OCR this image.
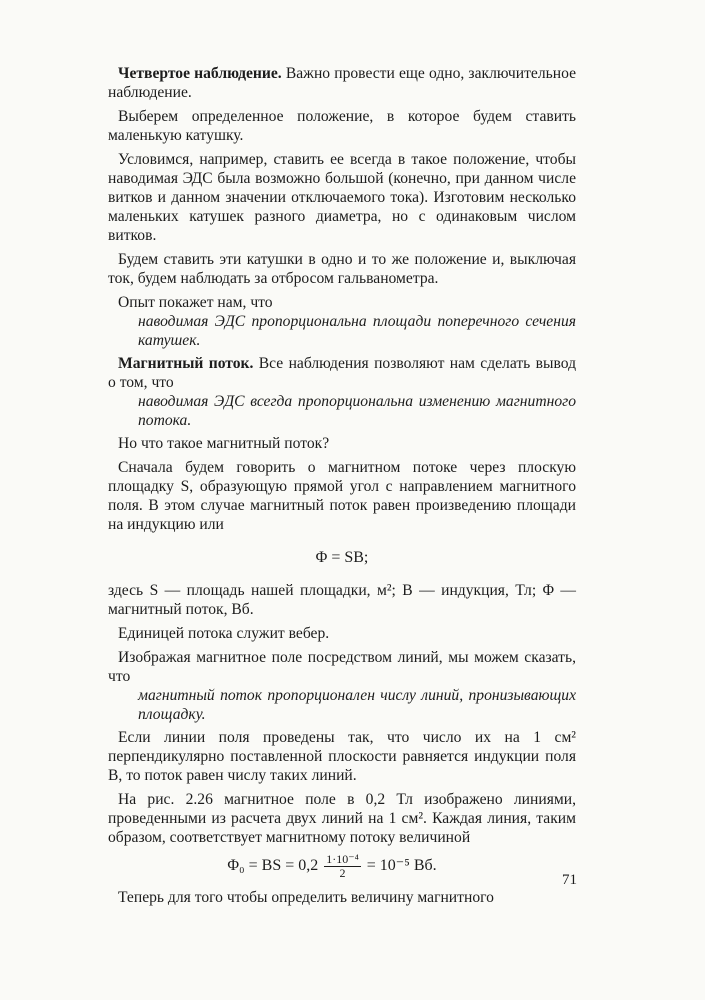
Четвертое наблюдение. Важно провести еще одно, заключительное наблюдение.

Выберем определенное положение, в которое будем ставить маленькую катушку.

Условимся, например, ставить ее всегда в такое положение, чтобы наводимая ЭДС была возможно большой (конечно, при данном числе витков и данном значении отключаемого тока). Изготовим несколько маленьких катушек разного диаметра, но с одинаковым числом витков.

Будем ставить эти катушки в одно и то же положение и, выключая ток, будем наблюдать за отбросом гальванометра.

Опыт покажет нам, что

наводимая ЭДС пропорциональна площади поперечного сечения катушек.

Магнитный поток. Все наблюдения позволяют нам сделать вывод о том, что

наводимая ЭДС всегда пропорциональна изменению магнитного потока.

Но что такое магнитный поток?

Сначала будем говорить о магнитном потоке через плоскую площадку S, образующую прямой угол с направлением магнитного поля. В этом случае магнитный поток равен произведению площади на индукцию или

Φ = SB;

здесь S — площадь нашей площадки, м²; B — индукция, Тл; Φ — магнитный поток, Вб.

Единицей потока служит вебер.

Изображая магнитное поле посредством линий, мы можем сказать, что

магнитный поток пропорционален числу линий, пронизывающих площадку.

Если линии поля проведены так, что число их на 1 см² перпендикулярно поставленной плоскости равняется индукции поля B, то поток равен числу таких линий.

На рис. 2.26 магнитное поле в 0,2 Тл изображено линиями, проведенными из расчета двух линий на 1 см². Каждая линия, таким образом, соответствует магнитному потоку величиной

Φ₀ = BS = $0,2 \frac{\text{1·10⁻⁴}}{2} = 10^{-5}$ Вб.

Теперь для того чтобы определить величину магнитного

71
